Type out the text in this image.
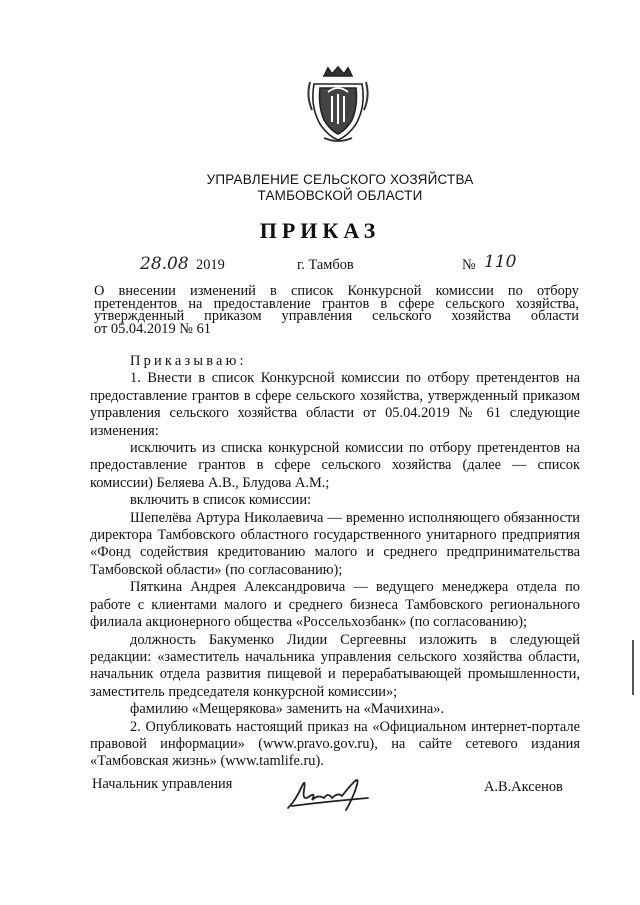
УПРАВЛЕНИЕ СЕЛЬСКОГО ХОЗЯЙСТВА
ТАМБОВСКОЙ ОБЛАСТИ
ПРИКАЗ
28.08 2019	г. Тамбов	№ 110
О внесении изменений в список Конкурсной комиссии по отбору
претендентов на предоставление грантов в сфере сельского хозяйства,
утвержденный приказом управления сельского хозяйства области
от 05.04.2019 № 61

Приказываю:

1. Внести в список Конкурсной комиссии по отбору претендентов на предоставление грантов в сфере сельского хозяйства, утвержденный приказом управления сельского хозяйства области от 05.04.2019 № 61 следующие изменения:

исключить из списка конкурсной комиссии по отбору претендентов на предоставление грантов в сфере сельского хозяйства (далее — список комиссии) Беляева А.В., Блудова А.М.;

включить в список комиссии:

Шепелёва Артура Николаевича — временно исполняющего обязанности директора Тамбовского областного государственного унитарного предприятия «Фонд содействия кредитованию малого и среднего предпринимательства Тамбовской области» (по согласованию);

Пяткина Андрея Александровича — ведущего менеджера отдела по работе с клиентами малого и среднего бизнеса Тамбовского регионального филиала акционерного общества «Россельхозбанк» (по согласованию);

должность Бакуменко Лидии Сергеевны изложить в следующей редакции: «заместитель начальника управления сельского хозяйства области, начальник отдела развития пищевой и перерабатывающей промышленности, заместитель председателя конкурсной комиссии»;

фамилию «Мещерякова» заменить на «Мачихина».

2. Опубликовать настоящий приказ на «Официальном интернет-портале правовой информации» (www.pravo.gov.ru), на сайте сетевого издания «Тамбовская жизнь» (www.tamlife.ru).

Начальник управления	А.В.Аксенов
